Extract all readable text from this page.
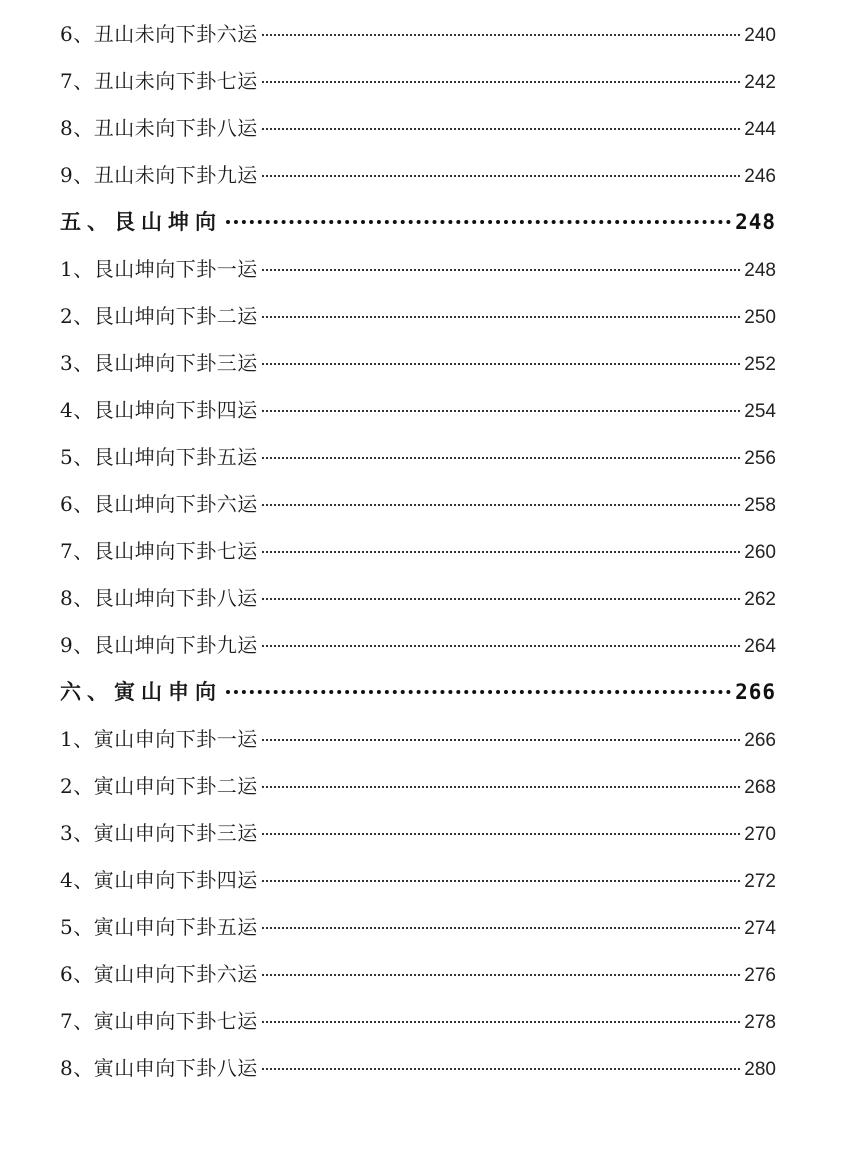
6、丑山未向下卦六运	240
7、丑山未向下卦七运	242
8、丑山未向下卦八运	244
9、丑山未向下卦九运	246
五、艮山坤向	248
1、艮山坤向下卦一运	248
2、艮山坤向下卦二运	250
3、艮山坤向下卦三运	252
4、艮山坤向下卦四运	254
5、艮山坤向下卦五运	256
6、艮山坤向下卦六运	258
7、艮山坤向下卦七运	260
8、艮山坤向下卦八运	262
9、艮山坤向下卦九运	264
六、寅山申向	266
1、寅山申向下卦一运	266
2、寅山申向下卦二运	268
3、寅山申向下卦三运	270
4、寅山申向下卦四运	272
5、寅山申向下卦五运	274
6、寅山申向下卦六运	276
7、寅山申向下卦七运	278
8、寅山申向下卦八运	280
